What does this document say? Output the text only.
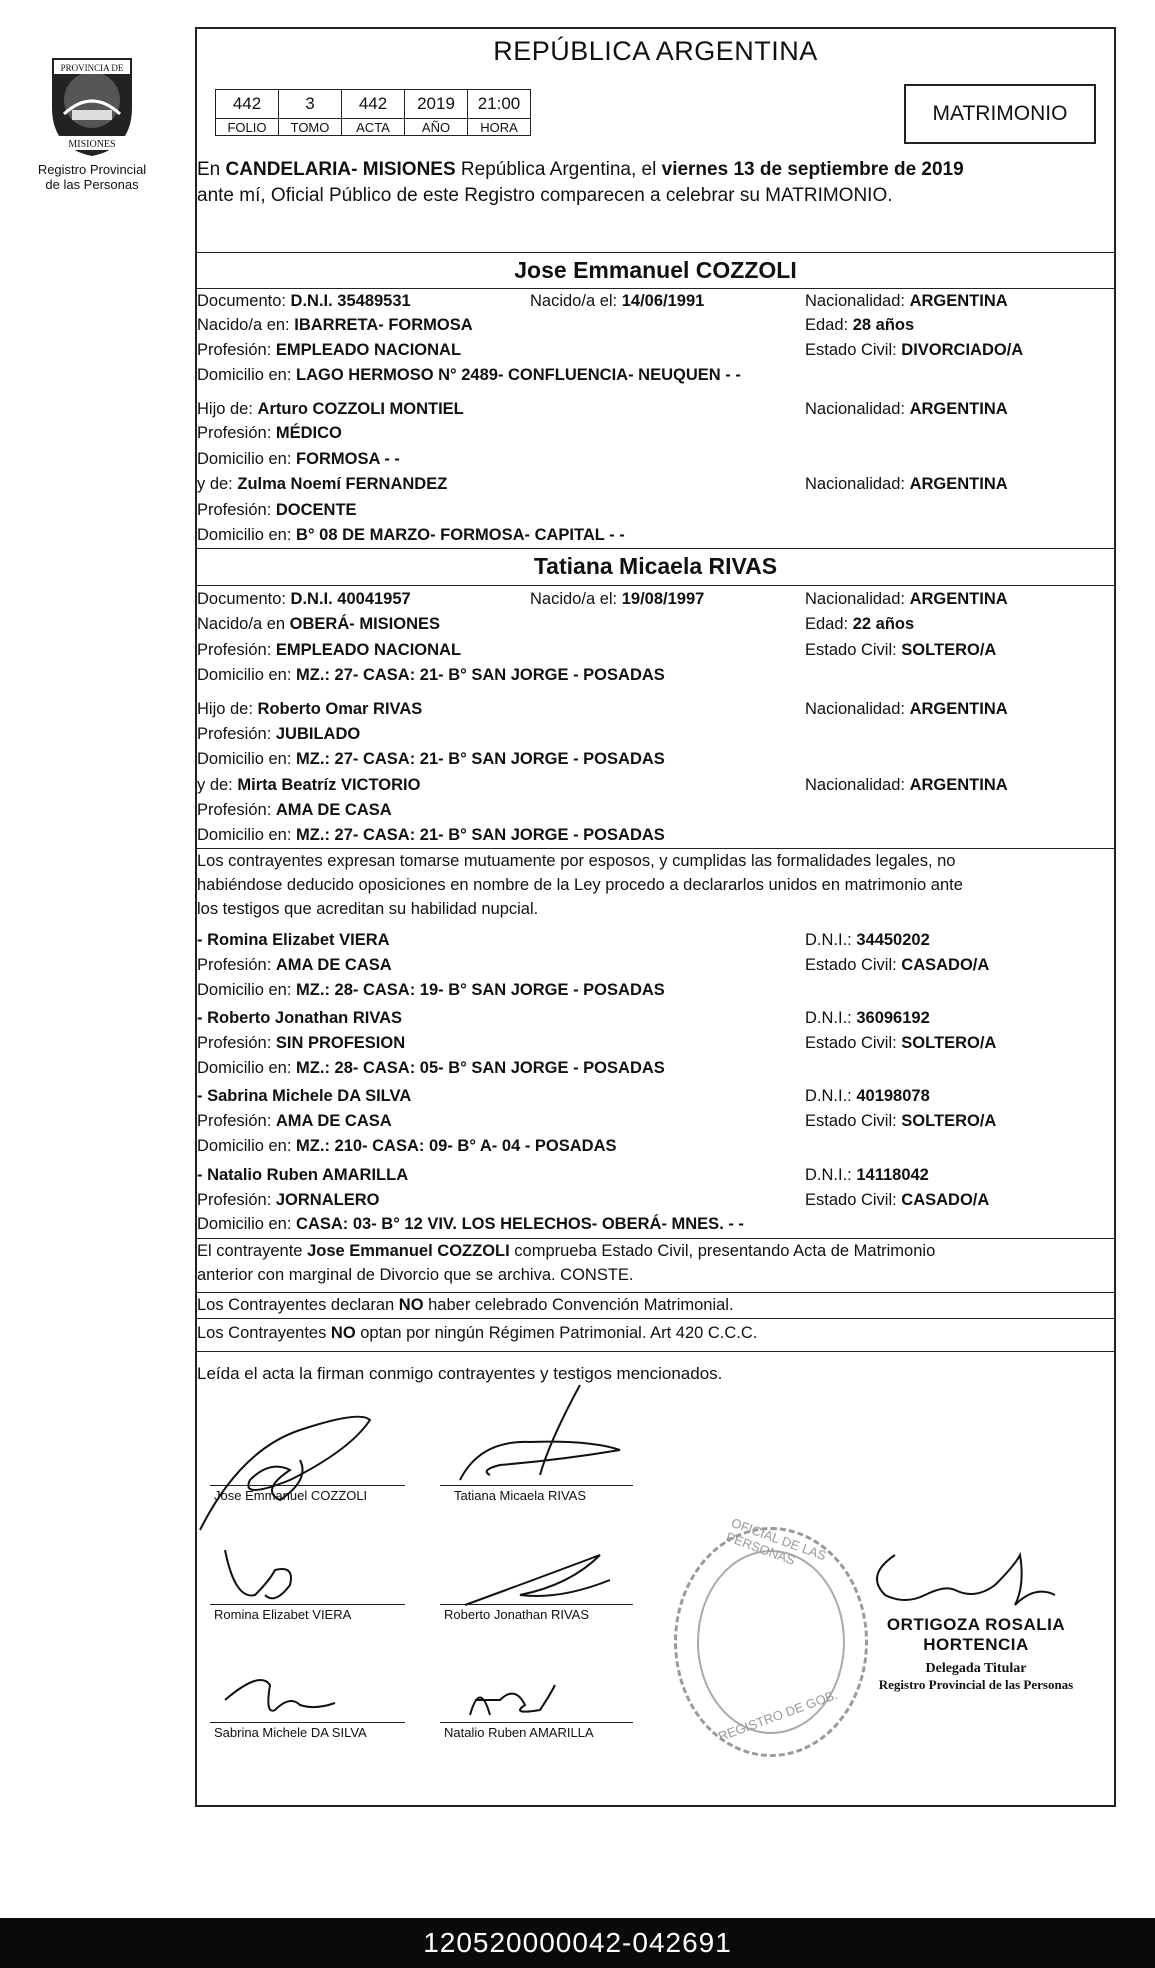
PROVINCIA DE
MISIONES
Registro Provincial
de las Personas
REPÚBLICA ARGENTINA
442	3	442	2019	21:00
FOLIO	TOMO	ACTA	AÑO	HORA
MATRIMONIO
En CANDELARIA- MISIONES República Argentina, el viernes 13 de septiembre de 2019
ante mí, Oficial Público de este Registro comparecen a celebrar su MATRIMONIO.
Jose Emmanuel COZZOLI
Documento: D.N.I. 35489531	Nacido/a el: 14/06/1991	Nacionalidad: ARGENTINA
Nacido/a en: IBARRETA- FORMOSA	Edad: 28 años
Profesión: EMPLEADO NACIONAL	Estado Civil: DIVORCIADO/A
Domicilio en: LAGO HERMOSO N° 2489- CONFLUENCIA- NEUQUEN - -
Hijo de: Arturo COZZOLI MONTIEL	Nacionalidad: ARGENTINA
Profesión: MÉDICO
Domicilio en: FORMOSA - -
y de: Zulma Noemí FERNANDEZ	Nacionalidad: ARGENTINA
Profesión: DOCENTE
Domicilio en: B° 08 DE MARZO- FORMOSA- CAPITAL - -
Tatiana Micaela RIVAS
Documento: D.N.I. 40041957	Nacido/a el: 19/08/1997	Nacionalidad: ARGENTINA
Nacido/a en OBERÁ- MISIONES	Edad: 22 años
Profesión: EMPLEADO NACIONAL	Estado Civil: SOLTERO/A
Domicilio en: MZ.: 27- CASA: 21- B° SAN JORGE - POSADAS
Hijo de: Roberto Omar RIVAS	Nacionalidad: ARGENTINA
Profesión: JUBILADO
Domicilio en: MZ.: 27- CASA: 21- B° SAN JORGE - POSADAS
y de: Mirta Beatríz VICTORIO	Nacionalidad: ARGENTINA
Profesión: AMA DE CASA
Domicilio en: MZ.: 27- CASA: 21- B° SAN JORGE - POSADAS
Los contrayentes expresan tomarse mutuamente por esposos, y cumplidas las formalidades legales, no
habiéndose deducido oposiciones en nombre de la Ley procedo a declararlos unidos en matrimonio ante
los testigos que acreditan su habilidad nupcial.
- Romina Elizabet VIERA	D.N.I.: 34450202
Profesión: AMA DE CASA	Estado Civil: CASADO/A
Domicilio en: MZ.: 28- CASA: 19- B° SAN JORGE - POSADAS
- Roberto Jonathan RIVAS	D.N.I.: 36096192
Profesión: SIN PROFESION	Estado Civil: SOLTERO/A
Domicilio en: MZ.: 28- CASA: 05- B° SAN JORGE - POSADAS
- Sabrina Michele DA SILVA	D.N.I.: 40198078
Profesión: AMA DE CASA	Estado Civil: SOLTERO/A
Domicilio en: MZ.: 210- CASA: 09- B° A- 04 - POSADAS
- Natalio Ruben AMARILLA	D.N.I.: 14118042
Profesión: JORNALERO	Estado Civil: CASADO/A
Domicilio en: CASA: 03- B° 12 VIV. LOS HELECHOS- OBERÁ- MNES. - -
El contrayente Jose Emmanuel COZZOLI comprueba Estado Civil, presentando Acta de Matrimonio
anterior con marginal de Divorcio que se archiva. CONSTE.
Los Contrayentes declaran NO haber celebrado Convención Matrimonial.
Los Contrayentes NO optan por ningún Régimen Patrimonial. Art 420 C.C.C.
Leída el acta la firman conmigo contrayentes y testigos mencionados.
Jose Emmanuel COZZOLI	Tatiana Micaela RIVAS
Romina Elizabet VIERA	Roberto Jonathan RIVAS
Sabrina Michele DA SILVA	Natalio Ruben AMARILLA
OFICIAL DE LAS PERSONAS
REGISTRO DE GOB.
ORTIGOZA ROSALIA HORTENCIA
Delegada Titular
Registro Provincial de las Personas
120520000042-042691
